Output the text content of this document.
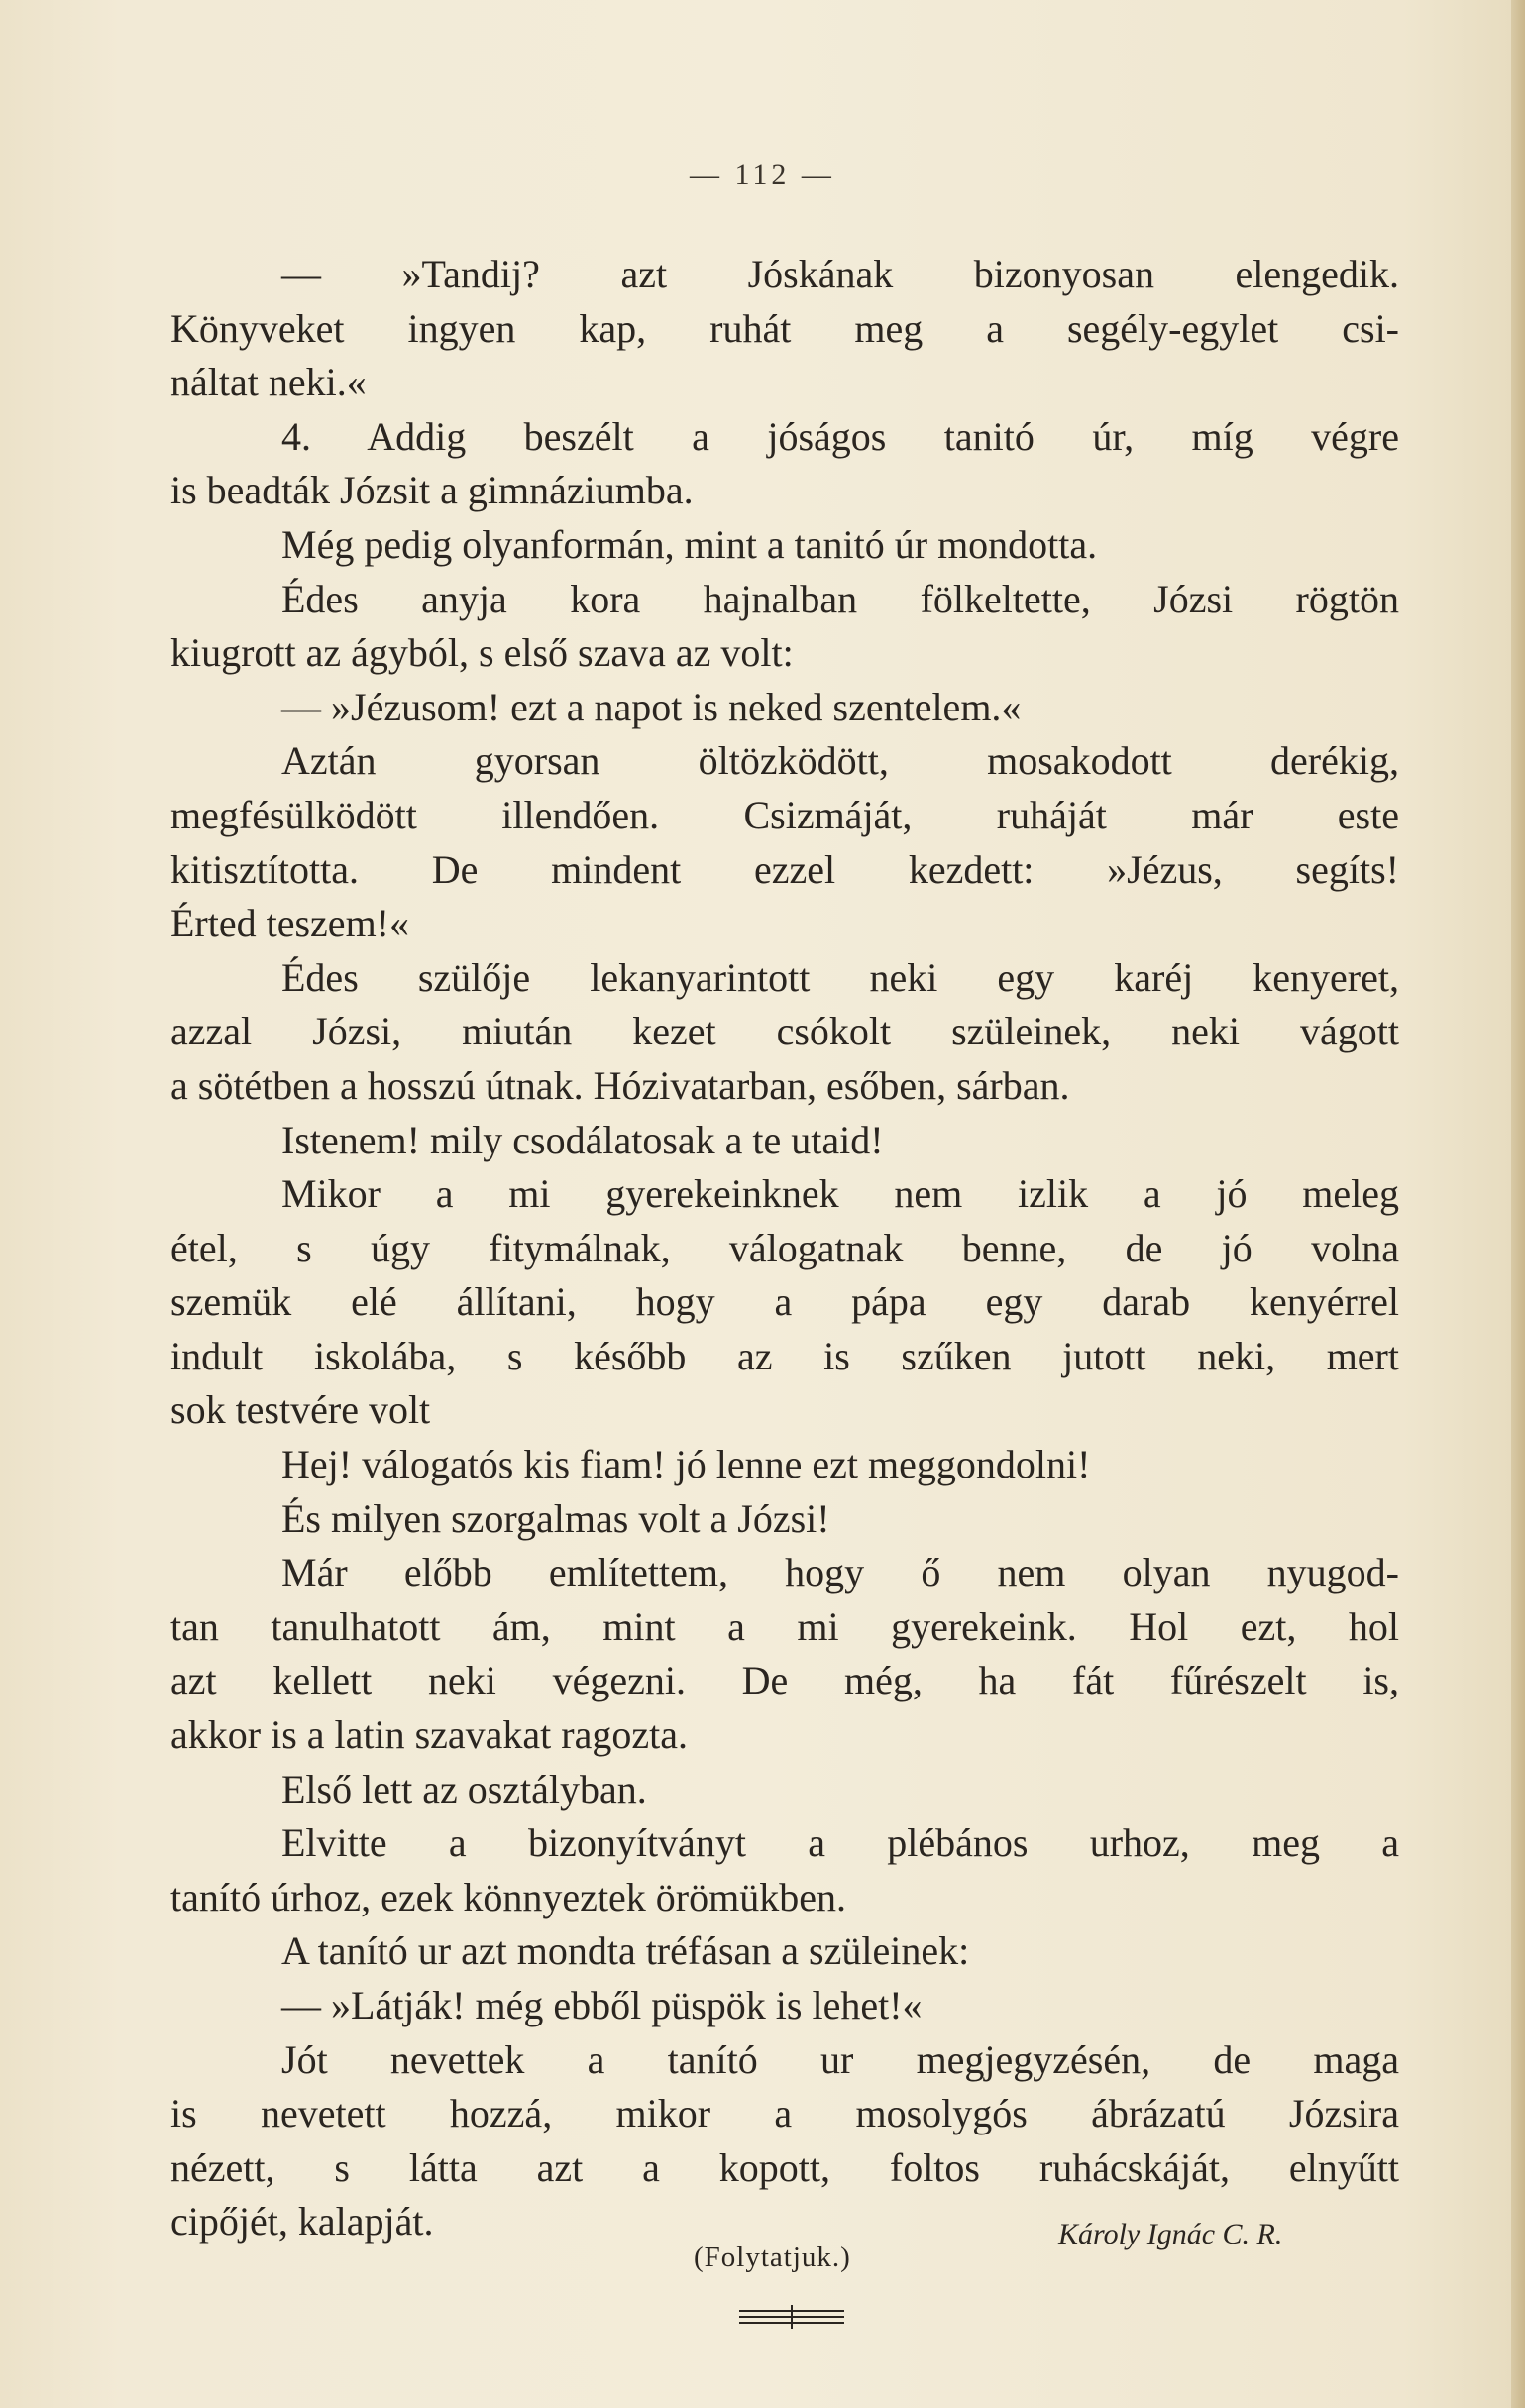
— 112 —
— »Tandij? azt Jóskának bizonyosan elengedik.
Könyveket ingyen kap, ruhát meg a segély-egylet csi-
náltat neki.«
4. Addig beszélt a jóságos tanitó úr, míg végre
is beadták Józsit a gimnáziumba.
Még pedig olyanformán, mint a tanitó úr mondotta.
Édes anyja kora hajnalban fölkeltette, Józsi rögtön
kiugrott az ágyból, s első szava az volt:
— »Jézusom! ezt a napot is neked szentelem.«
Aztán gyorsan öltözködött, mosakodott derékig,
megfésülködött illendően. Csizmáját, ruháját már este
kitisztította. De mindent ezzel kezdett: »Jézus, segíts!
Érted teszem!«
Édes szülője lekanyarintott neki egy karéj kenyeret,
azzal Józsi, miután kezet csókolt szüleinek, neki vágott
a sötétben a hosszú útnak. Hózivatarban, esőben, sárban.
Istenem! mily csodálatosak a te utaid!
Mikor a mi gyerekeinknek nem izlik a jó meleg
étel, s úgy fitymálnak, válogatnak benne, de jó volna
szemük elé állítani, hogy a pápa egy darab kenyérrel
indult iskolába, s később az is szűken jutott neki, mert
sok testvére volt
Hej! válogatós kis fiam! jó lenne ezt meggondolni!
És milyen szorgalmas volt a Józsi!
Már előbb említettem, hogy ő nem olyan nyugod-
tan tanulhatott ám, mint a mi gyerekeink. Hol ezt, hol
azt kellett neki végezni. De még, ha fát fűrészelt is,
akkor is a latin szavakat ragozta.
Első lett az osztályban.
Elvitte a bizonyítványt a plébános urhoz, meg a
tanító úrhoz, ezek könnyeztek örömükben.
A tanító ur azt mondta tréfásan a szüleinek:
— »Látják! még ebből püspök is lehet!«
Jót nevettek a tanító ur megjegyzésén, de maga
is nevetett hozzá, mikor a mosolygós ábrázatú Józsira
nézett, s látta azt a kopott, foltos ruhácskáját, elnyűtt
cipőjét, kalapját.	Károly Ignác C. R.
(Folytatjuk.)
